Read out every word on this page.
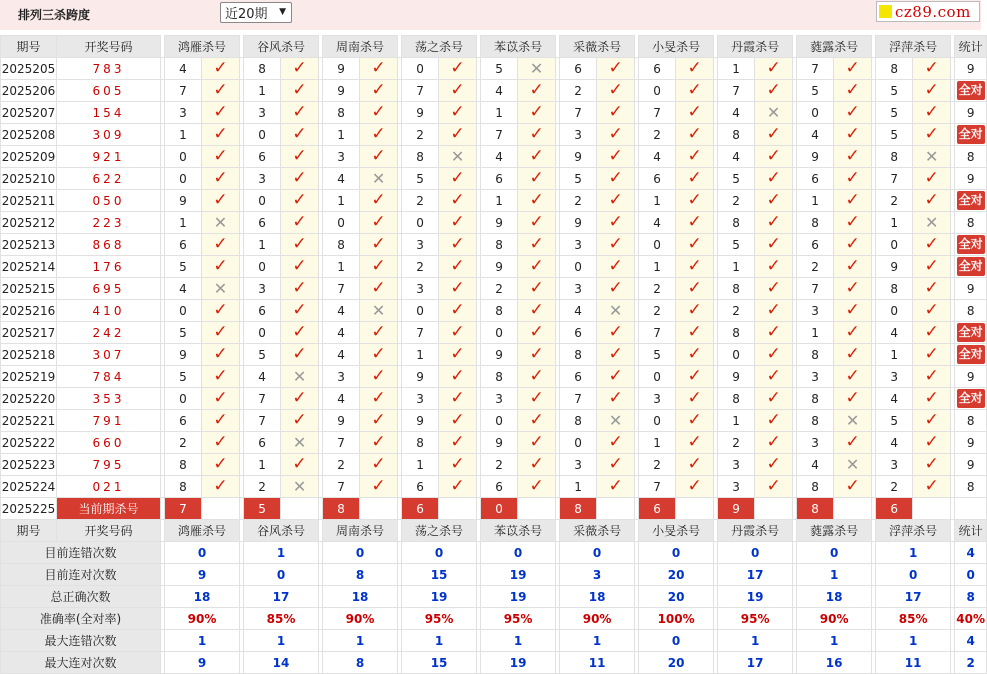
排列三杀跨度	近20期 ▼	cz89.com
期号	开奖号码		鸿雁杀号			谷风杀号			周南杀号			荡之杀号			苯苡杀号			采薇杀号			小旻杀号			丹霞杀号			蕤露杀号			浮萍杀号			统计
2025205	783		4	✓		8	✓		9	✓		0	✓		5	✕		6	✓		6	✓		1	✓		7	✓		8	✓		9
2025206	605		7	✓		1	✓		9	✓		7	✓		4	✓		2	✓		0	✓		7	✓		5	✓		5	✓		全对
2025207	154		3	✓		3	✓		8	✓		9	✓		1	✓		7	✓		7	✓		4	✕		0	✓		5	✓		9
2025208	309		1	✓		0	✓		1	✓		2	✓		7	✓		3	✓		2	✓		8	✓		4	✓		5	✓		全对
2025209	921		0	✓		6	✓		3	✓		8	✕		4	✓		9	✓		4	✓		4	✓		9	✓		8	✕		8
2025210	622		0	✓		3	✓		4	✕		5	✓		6	✓		5	✓		6	✓		5	✓		6	✓		7	✓		9
2025211	050		9	✓		0	✓		1	✓		2	✓		1	✓		2	✓		1	✓		2	✓		1	✓		2	✓		全对
2025212	223		1	✕		6	✓		0	✓		0	✓		9	✓		9	✓		4	✓		8	✓		8	✓		1	✕		8
2025213	868		6	✓		1	✓		8	✓		3	✓		8	✓		3	✓		0	✓		5	✓		6	✓		0	✓		全对
2025214	176		5	✓		0	✓		1	✓		2	✓		9	✓		0	✓		1	✓		1	✓		2	✓		9	✓		全对
2025215	695		4	✕		3	✓		7	✓		3	✓		2	✓		3	✓		2	✓		8	✓		7	✓		8	✓		9
2025216	410		0	✓		6	✓		4	✕		0	✓		8	✓		4	✕		2	✓		2	✓		3	✓		0	✓		8
2025217	242		5	✓		0	✓		4	✓		7	✓		0	✓		6	✓		7	✓		8	✓		1	✓		4	✓		全对
2025218	307		9	✓		5	✓		4	✓		1	✓		9	✓		8	✓		5	✓		0	✓		8	✓		1	✓		全对
2025219	784		5	✓		4	✕		3	✓		9	✓		8	✓		6	✓		0	✓		9	✓		3	✓		3	✓		9
2025220	353		0	✓		7	✓		4	✓		3	✓		3	✓		7	✓		3	✓		8	✓		8	✓		4	✓		全对
2025221	791		6	✓		7	✓		9	✓		9	✓		0	✓		8	✕		0	✓		1	✓		8	✕		5	✓		8
2025222	660		2	✓		6	✕		7	✓		8	✓		9	✓		0	✓		1	✓		2	✓		3	✓		4	✓		9
2025223	795		8	✓		1	✓		2	✓		1	✓		2	✓		3	✓		2	✓		3	✓		4	✕		3	✓		9
2025224	021		8	✓		2	✕		7	✓		6	✓		6	✓		1	✓		7	✓		3	✓		8	✓		2	✓		8
2025225	当前期杀号		7			5			8			6			0			8			6			9			8			6			
期号	开奖号码		鸿雁杀号			谷风杀号			周南杀号			荡之杀号			苯苡杀号			采薇杀号			小旻杀号			丹霞杀号			蕤露杀号			浮萍杀号			统计
目前连错次数			0			1			0			0			0			0			0			0			0			1			4
目前连对次数			9			0			8			15			19			3			20			17			1			0			0
总正确次数			18			17			18			19			19			18			20			19			18			17			8
准确率(全对率)			90%			85%			90%			95%			95%			90%			100%			95%			90%			85%			40%
最大连错次数			1			1			1			1			1			1			0			1			1			1			4
最大连对次数			9			14			8			15			19			11			20			17			16			11			2
